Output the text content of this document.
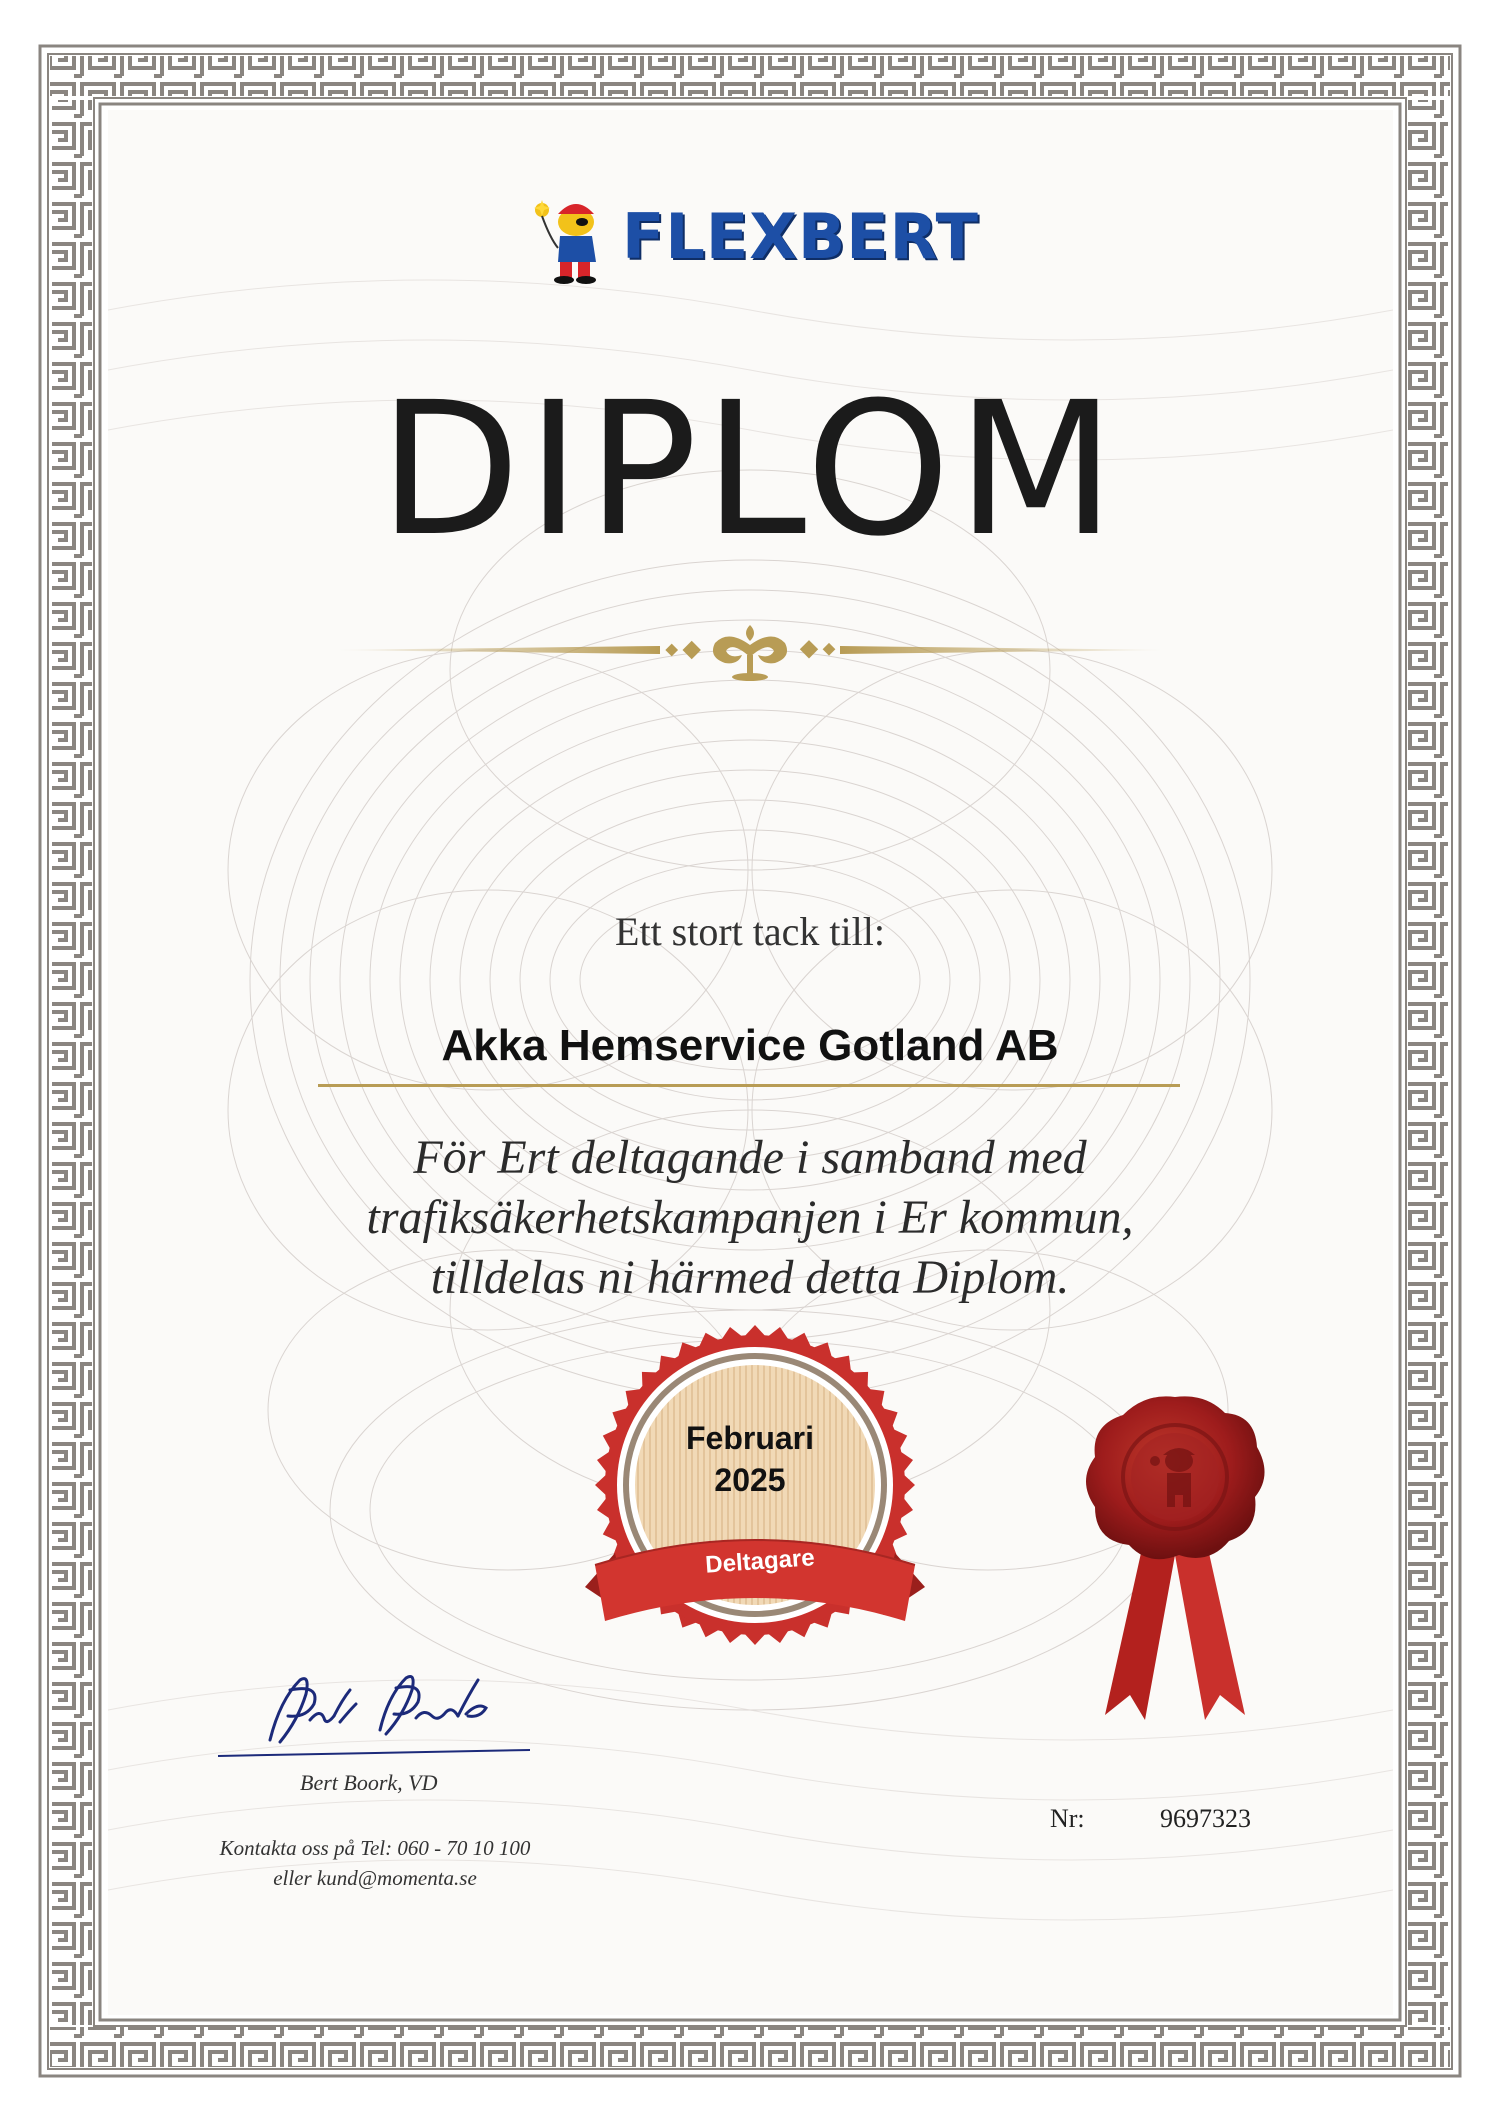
FLEXBERT
DIPLOM
Ett stort tack till:
Akka Hemservice Gotland AB
För Ert deltagande i samband med
trafiksäkerhetskampanjen i Er kommun,
tilldelas ni härmed detta Diplom.
Februari
2025
Deltagare
Bert Boork, VD
Kontakta oss på Tel: 060 - 70 10 100
eller kund@momenta.se
Nr:	9697323
